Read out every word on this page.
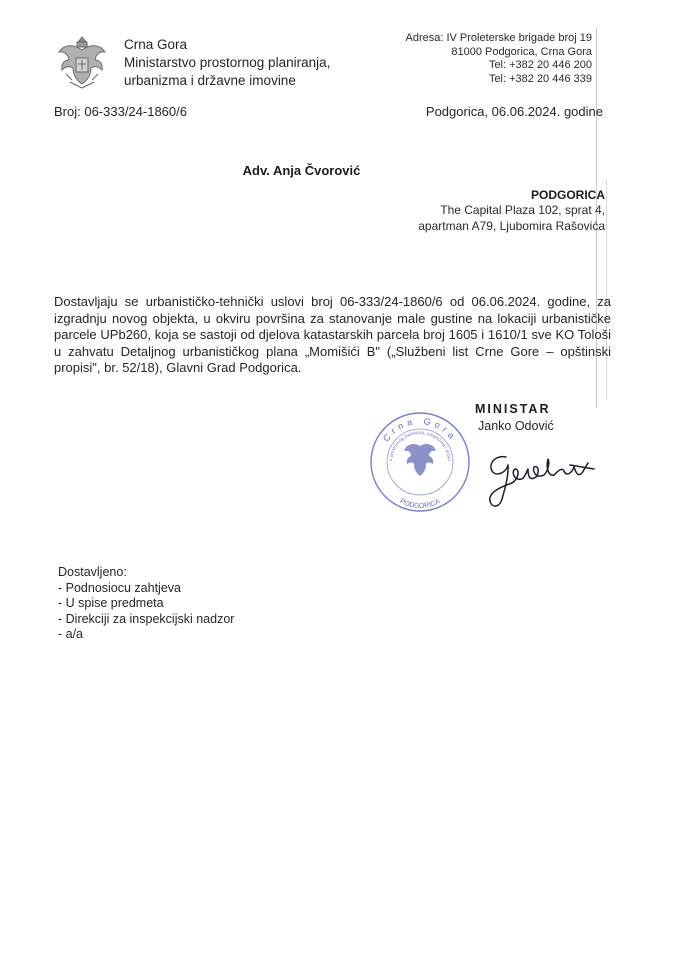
Crna Gora
Ministarstvo prostornog planiranja,
urbanizma i državne imovine
Adresa: IV Proleterske brigade broj 19
81000 Podgorica, Crna Gora
Tel: +382 20 446 200
Tel: +382 20 446 339
Broj: 06-333/24-1860/6	Podgorica, 06.06.2024. godine
Adv. Anja Čvorović
PODGORICA
The Capital Plaza 102, sprat 4,
apartman A79, Ljubomira Rašovića
Dostavljaju se urbanističko-tehnički uslovi broj 06-333/24-1860/6 od 06.06.2024. godine, za izgradnju novog objekta, u okviru površina za stanovanje male gustine na lokaciji urbanističke parcele UPb260, koja se sastoji od djelova katastarskih parcela broj 1605 i 1610/1 sve KO Tološi u zahvatu Detaljnog urbanističkog plana „Momišići B" („Službeni list Crne Gore – opštinski propisi", br. 52/18), Glavni Grad Podgorica.
Crna Gora
o prostornog planiranja, urbanizma i držav
PODGORICA
MINISTAR
Janko Odović
Dostavljeno:
- Podnosiocu zahtjeva
- U spise predmeta
- Direkciji za inspekcijski nadzor
- a/a
